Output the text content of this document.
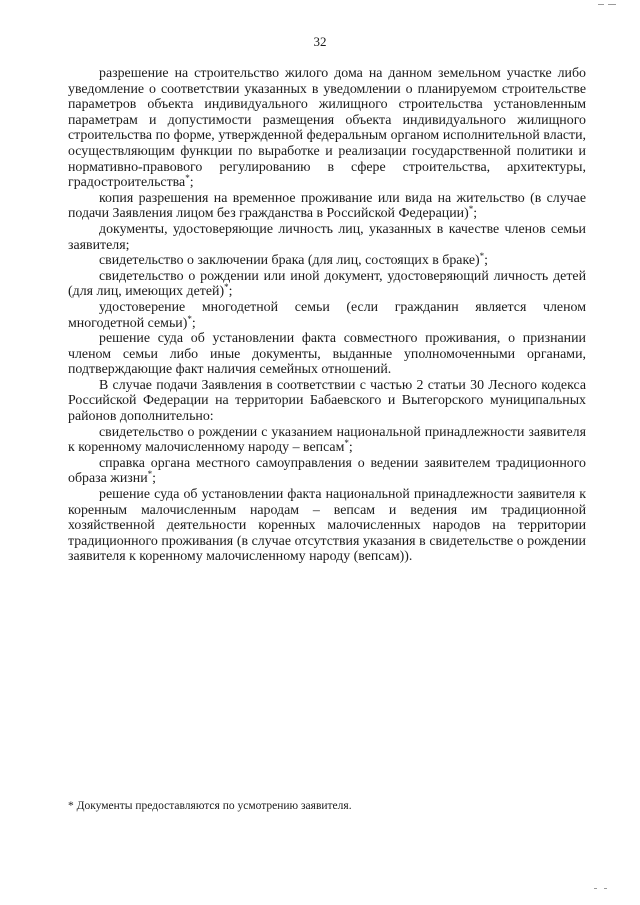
32

разрешение на строительство жилого дома на данном земельном участке либо уведомление о соответствии указанных в уведомлении о планируемом строительстве параметров объекта индивидуального жилищного строительства установленным параметрам и допустимости размещения объекта индивидуального жилищного строительства по форме, утвержденной федеральным органом исполнительной власти, осуществляющим функции по выработке и реализации государственной политики и нормативно-правового регулированию в сфере строительства, архитектуры, градостроительства*;

копия разрешения на временное проживание или вида на жительство (в случае подачи Заявления лицом без гражданства в Российской Федерации)*;

документы, удостоверяющие личность лиц, указанных в качестве членов семьи заявителя;

свидетельство о заключении брака (для лиц, состоящих в браке)*;

свидетельство о рождении или иной документ, удостоверяющий личность детей (для лиц, имеющих детей)*;

удостоверение многодетной семьи (если гражданин является членом многодетной семьи)*;

решение суда об установлении факта совместного проживания, о признании членом семьи либо иные документы, выданные уполномоченными органами, подтверждающие факт наличия семейных отношений.

В случае подачи Заявления в соответствии с частью 2 статьи 30 Лесного кодекса Российской Федерации на территории Бабаевского и Вытегорского муниципальных районов дополнительно:

свидетельство о рождении с указанием национальной принадлежности заявителя к коренному малочисленному народу – вепсам*;

справка органа местного самоуправления о ведении заявителем традиционного образа жизни*;

решение суда об установлении факта национальной принадлежности заявителя к коренным малочисленным народам – вепсам и ведения им традиционной хозяйственной деятельности коренных малочисленных народов на территории традиционного проживания (в случае отсутствия указания в свидетельстве о рождении заявителя к коренному малочисленному народу (вепсам)).

* Документы предоставляются по усмотрению заявителя.
